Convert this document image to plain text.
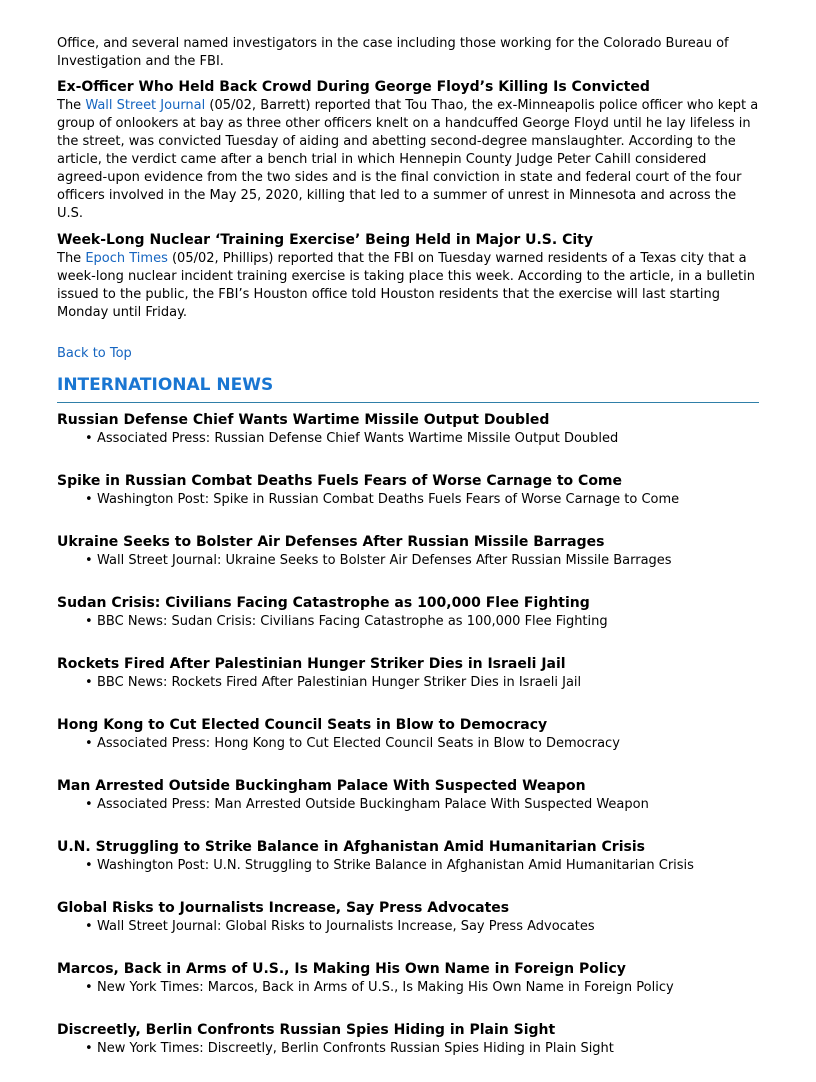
Office, and several named investigators in the case including those working for the Colorado Bureau of Investigation and the FBI.

Ex-Officer Who Held Back Crowd During George Floyd’s Killing Is Convicted

The Wall Street Journal (05/02, Barrett) reported that Tou Thao, the ex-Minneapolis police officer who kept a group of onlookers at bay as three other officers knelt on a handcuffed George Floyd until he lay lifeless in the street, was convicted Tuesday of aiding and abetting second-degree manslaughter. According to the article, the verdict came after a bench trial in which Hennepin County Judge Peter Cahill considered agreed-upon evidence from the two sides and is the final conviction in state and federal court of the four officers involved in the May 25, 2020, killing that led to a summer of unrest in Minnesota and across the U.S.

Week-Long Nuclear ‘Training Exercise’ Being Held in Major U.S. City

The Epoch Times (05/02, Phillips) reported that the FBI on Tuesday warned residents of a Texas city that a week-long nuclear incident training exercise is taking place this week. According to the article, in a bulletin issued to the public, the FBI’s Houston office told Houston residents that the exercise will last starting Monday until Friday.

Back to Top
INTERNATIONAL NEWS

Russian Defense Chief Wants Wartime Missile Output Doubled

• Associated Press: Russian Defense Chief Wants Wartime Missile Output Doubled

Spike in Russian Combat Deaths Fuels Fears of Worse Carnage to Come

• Washington Post: Spike in Russian Combat Deaths Fuels Fears of Worse Carnage to Come

Ukraine Seeks to Bolster Air Defenses After Russian Missile Barrages

• Wall Street Journal: Ukraine Seeks to Bolster Air Defenses After Russian Missile Barrages

Sudan Crisis: Civilians Facing Catastrophe as 100,000 Flee Fighting

• BBC News: Sudan Crisis: Civilians Facing Catastrophe as 100,000 Flee Fighting

Rockets Fired After Palestinian Hunger Striker Dies in Israeli Jail

• BBC News: Rockets Fired After Palestinian Hunger Striker Dies in Israeli Jail

Hong Kong to Cut Elected Council Seats in Blow to Democracy

• Associated Press: Hong Kong to Cut Elected Council Seats in Blow to Democracy

Man Arrested Outside Buckingham Palace With Suspected Weapon

• Associated Press: Man Arrested Outside Buckingham Palace With Suspected Weapon

U.N. Struggling to Strike Balance in Afghanistan Amid Humanitarian Crisis

• Washington Post: U.N. Struggling to Strike Balance in Afghanistan Amid Humanitarian Crisis

Global Risks to Journalists Increase, Say Press Advocates

• Wall Street Journal: Global Risks to Journalists Increase, Say Press Advocates

Marcos, Back in Arms of U.S., Is Making His Own Name in Foreign Policy

• New York Times: Marcos, Back in Arms of U.S., Is Making His Own Name in Foreign Policy

Discreetly, Berlin Confronts Russian Spies Hiding in Plain Sight

• New York Times: Discreetly, Berlin Confronts Russian Spies Hiding in Plain Sight
